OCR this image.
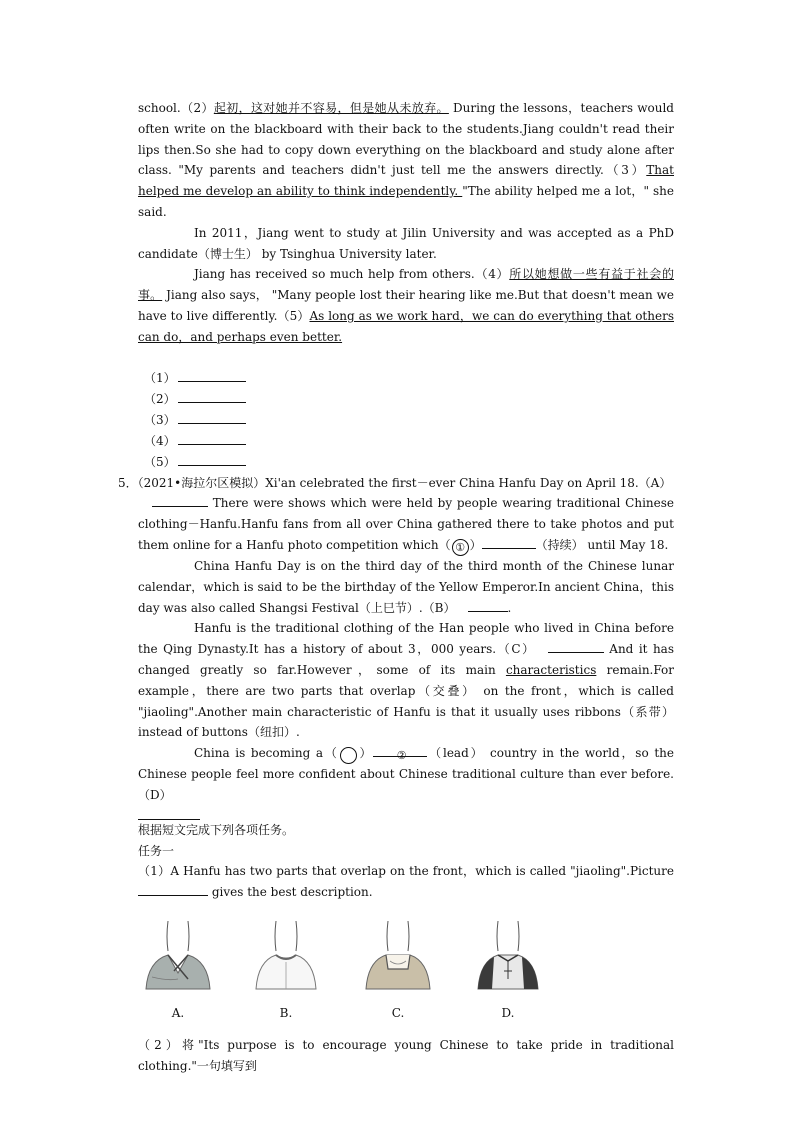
school.（2）起初，这对她并不容易，但是她从未放弃。 During the lessons，teachers would often write on the blackboard with their back to the students.Jiang couldn't read their lips then.So she had to copy down everything on the blackboard and study alone after class. "My parents and teachers didn't just tell me the answers directly.（3）That helped me develop an ability to think independently. "The ability helped me a lot，" she said.

In 2011，Jiang went to study at Jilin University and was accepted as a PhD candidate（博士生） by Tsinghua University later.

Jiang has received so much help from others.（4）所以她想做一些有益于社会的事。 Jiang also says， "Many people lost their hearing like me.But that doesn't mean we have to live differently.（5）As long as we work hard，we can do everything that others can do，and perhaps even better.

（1）
（2）
（3）
（4）
（5）

5．（2021•海拉尔区模拟）Xi'an celebrated the first－ever China Hanfu Day on April 18.（A）

There were shows which were held by people wearing traditional Chinese clothing－Hanfu.Hanfu fans from all over China gathered there to take photos and put them online for a Hanfu photo competition which（ ① ）	（持续） until May 18.

China Hanfu Day is on the third day of the third month of the Chinese lunar calendar，which is said to be the birthday of the Yellow Emperor.In ancient China，this day was also called Shangsi Festival（上巳节）.（B）	.

Hanfu is the traditional clothing of the Han people who lived in China before the Qing Dynasty.It has a history of about 3，000 years.（C）	And it has changed greatly so far.However，some of its main characteristics remain.For example，there are two parts that overlap（交叠） on the front，which is called "jiaoling".Another main characteristic of Hanfu is that it usually uses ribbons（系带） instead of buttons（纽扣）.

China is becoming a（	②）	（lead） country in the world，so the Chinese people feel more confident about Chinese traditional culture than ever before.（D）

根据短文完成下列各项任务。

任务一

（1）A Hanfu has two parts that overlap on the front，which is called "jiaoling".Picture  gives the best description.

A.	B.	C.	D.

（2）将"Its purpose is to encourage young Chinese to take pride in traditional clothing."一句填写到
